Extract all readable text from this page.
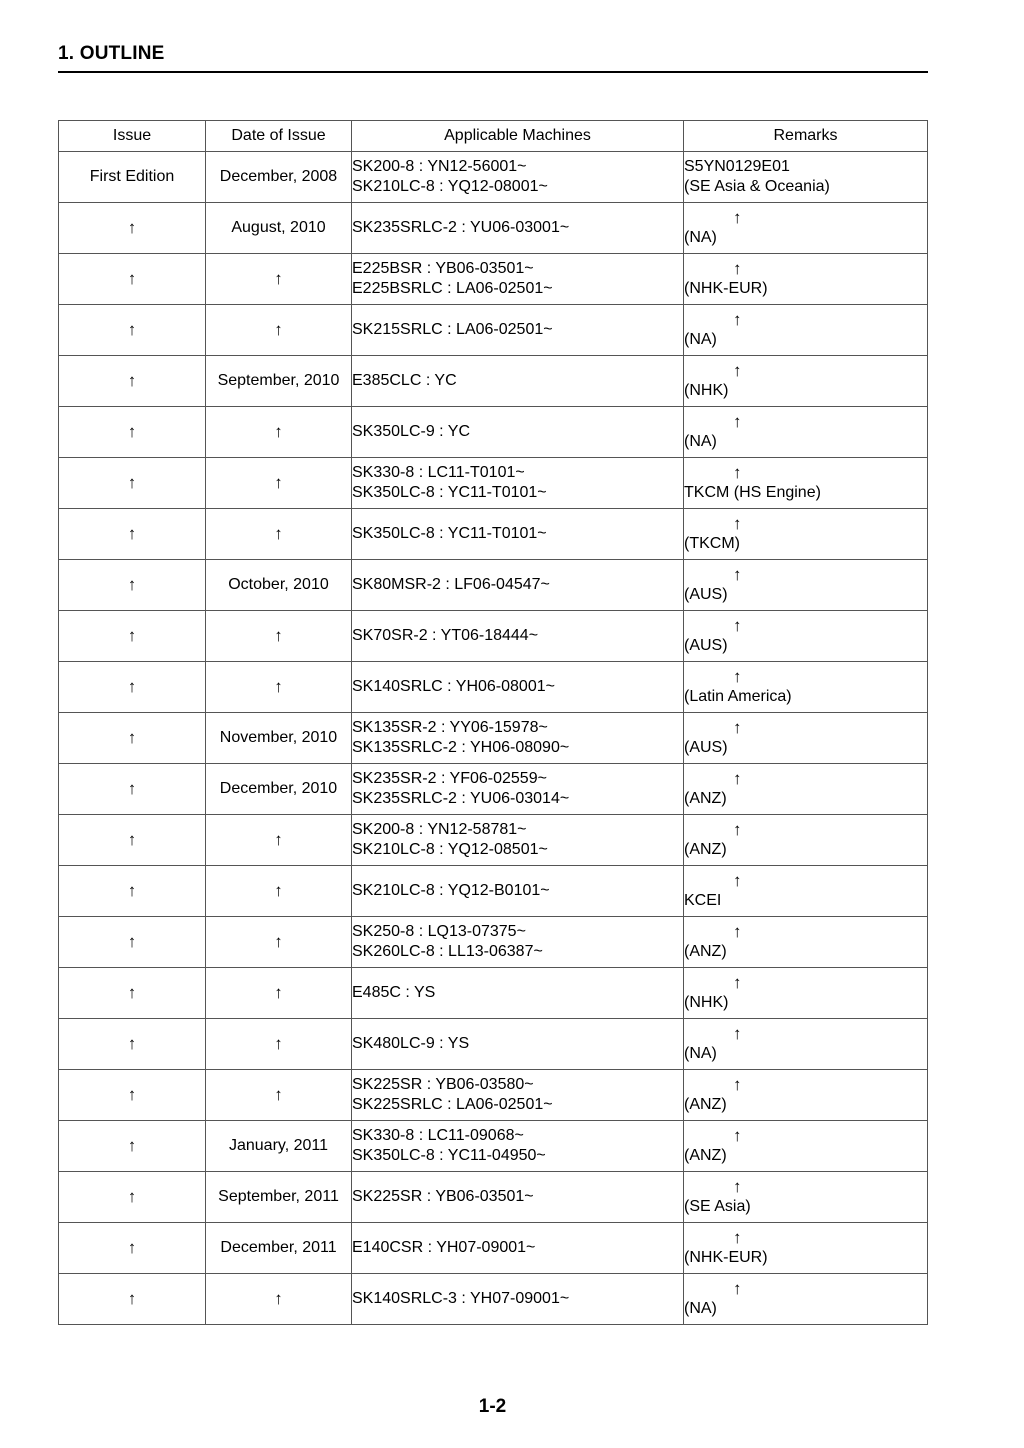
1. OUTLINE
Issue	Date of Issue	Applicable Machines	Remarks
First Edition	December, 2008	SK200-8 : YN12-56001~
SK210LC-8 : YQ12-08001~	S5YN0129E01
(SE Asia & Oceania)

↑	August, 2010	SK235SRLC-2 : YU06-03001~	↑
(NA)

↑	↑	E225BSR : YB06-03501~
E225BSRLC : LA06-02501~	↑
(NHK-EUR)

↑	↑	SK215SRLC : LA06-02501~	↑
(NA)

↑	September, 2010	E385CLC : YC	↑
(NHK)

↑	↑	SK350LC-9 : YC	↑
(NA)

↑	↑	SK330-8 : LC11-T0101~
SK350LC-8 : YC11-T0101~	↑
TKCM (HS Engine)

↑	↑	SK350LC-8 : YC11-T0101~	↑
(TKCM)

↑	October, 2010	SK80MSR-2 : LF06-04547~	↑
(AUS)

↑	↑	SK70SR-2 : YT06-18444~	↑
(AUS)

↑	↑	SK140SRLC : YH06-08001~	↑
(Latin America)

↑	November, 2010	SK135SR-2 : YY06-15978~
SK135SRLC-2 : YH06-08090~	↑
(AUS)

↑	December, 2010	SK235SR-2 : YF06-02559~
SK235SRLC-2 : YU06-03014~	↑
(ANZ)

↑	↑	SK200-8 : YN12-58781~
SK210LC-8 : YQ12-08501~	↑
(ANZ)

↑	↑	SK210LC-8 : YQ12-B0101~	↑
KCEI

↑	↑	SK250-8 : LQ13-07375~
SK260LC-8 : LL13-06387~	↑
(ANZ)

↑	↑	E485C : YS	↑
(NHK)

↑	↑	SK480LC-9 : YS	↑
(NA)

↑	↑	SK225SR : YB06-03580~
SK225SRLC : LA06-02501~	↑
(ANZ)

↑	January, 2011	SK330-8 : LC11-09068~
SK350LC-8 : YC11-04950~	↑
(ANZ)

↑	September, 2011	SK225SR : YB06-03501~	↑
(SE Asia)

↑	December, 2011	E140CSR : YH07-09001~	↑
(NHK-EUR)

↑	↑	SK140SRLC-3 : YH07-09001~	↑
(NA)
1-2
